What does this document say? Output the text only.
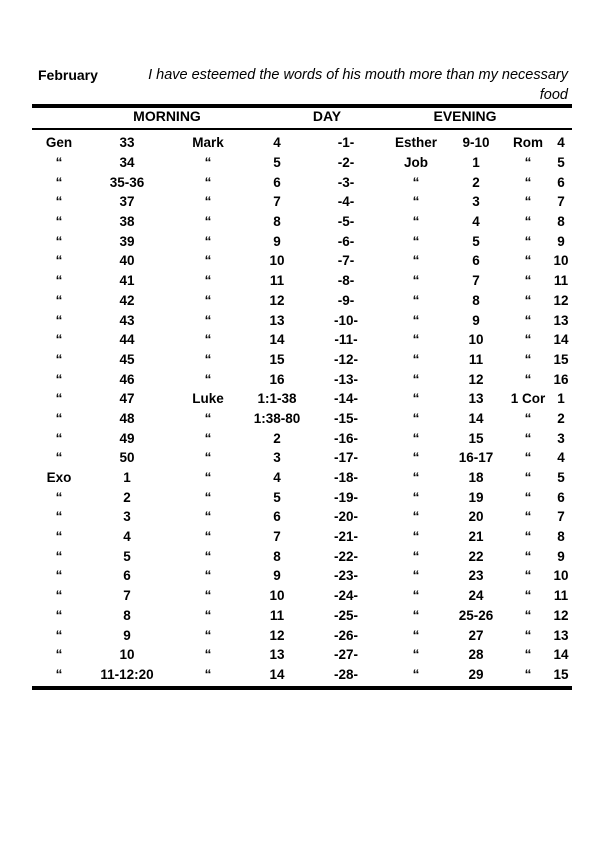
February	I have esteemed the words of his mouth more than my necessary food
MORNING	DAY	EVENING
Gen	33	Mark	4	-1-	Esther	9-10	Rom	4
“	34	“	5	-2-	Job	1	“	5
“	35-36	“	6	-3-	“	2	“	6
“	37	“	7	-4-	“	3	“	7
“	38	“	8	-5-	“	4	“	8
“	39	“	9	-6-	“	5	“	9
“	40	“	10	-7-	“	6	“	10
“	41	“	11	-8-	“	7	“	11
“	42	“	12	-9-	“	8	“	12
“	43	“	13	-10-	“	9	“	13
“	44	“	14	-11-	“	10	“	14
“	45	“	15	-12-	“	11	“	15
“	46	“	16	-13-	“	12	“	16
“	47	Luke	1:1-38	-14-	“	13	1 Cor	1
“	48	“	1:38-80	-15-	“	14	“	2
“	49	“	2	-16-	“	15	“	3
“	50	“	3	-17-	“	16-17	“	4
Exo	1	“	4	-18-	“	18	“	5
“	2	“	5	-19-	“	19	“	6
“	3	“	6	-20-	“	20	“	7
“	4	“	7	-21-	“	21	“	8
“	5	“	8	-22-	“	22	“	9
“	6	“	9	-23-	“	23	“	10
“	7	“	10	-24-	“	24	“	11
“	8	“	11	-25-	“	25-26	“	12
“	9	“	12	-26-	“	27	“	13
“	10	“	13	-27-	“	28	“	14
“	11-12:20	“	14	-28-	“	29	“	15
